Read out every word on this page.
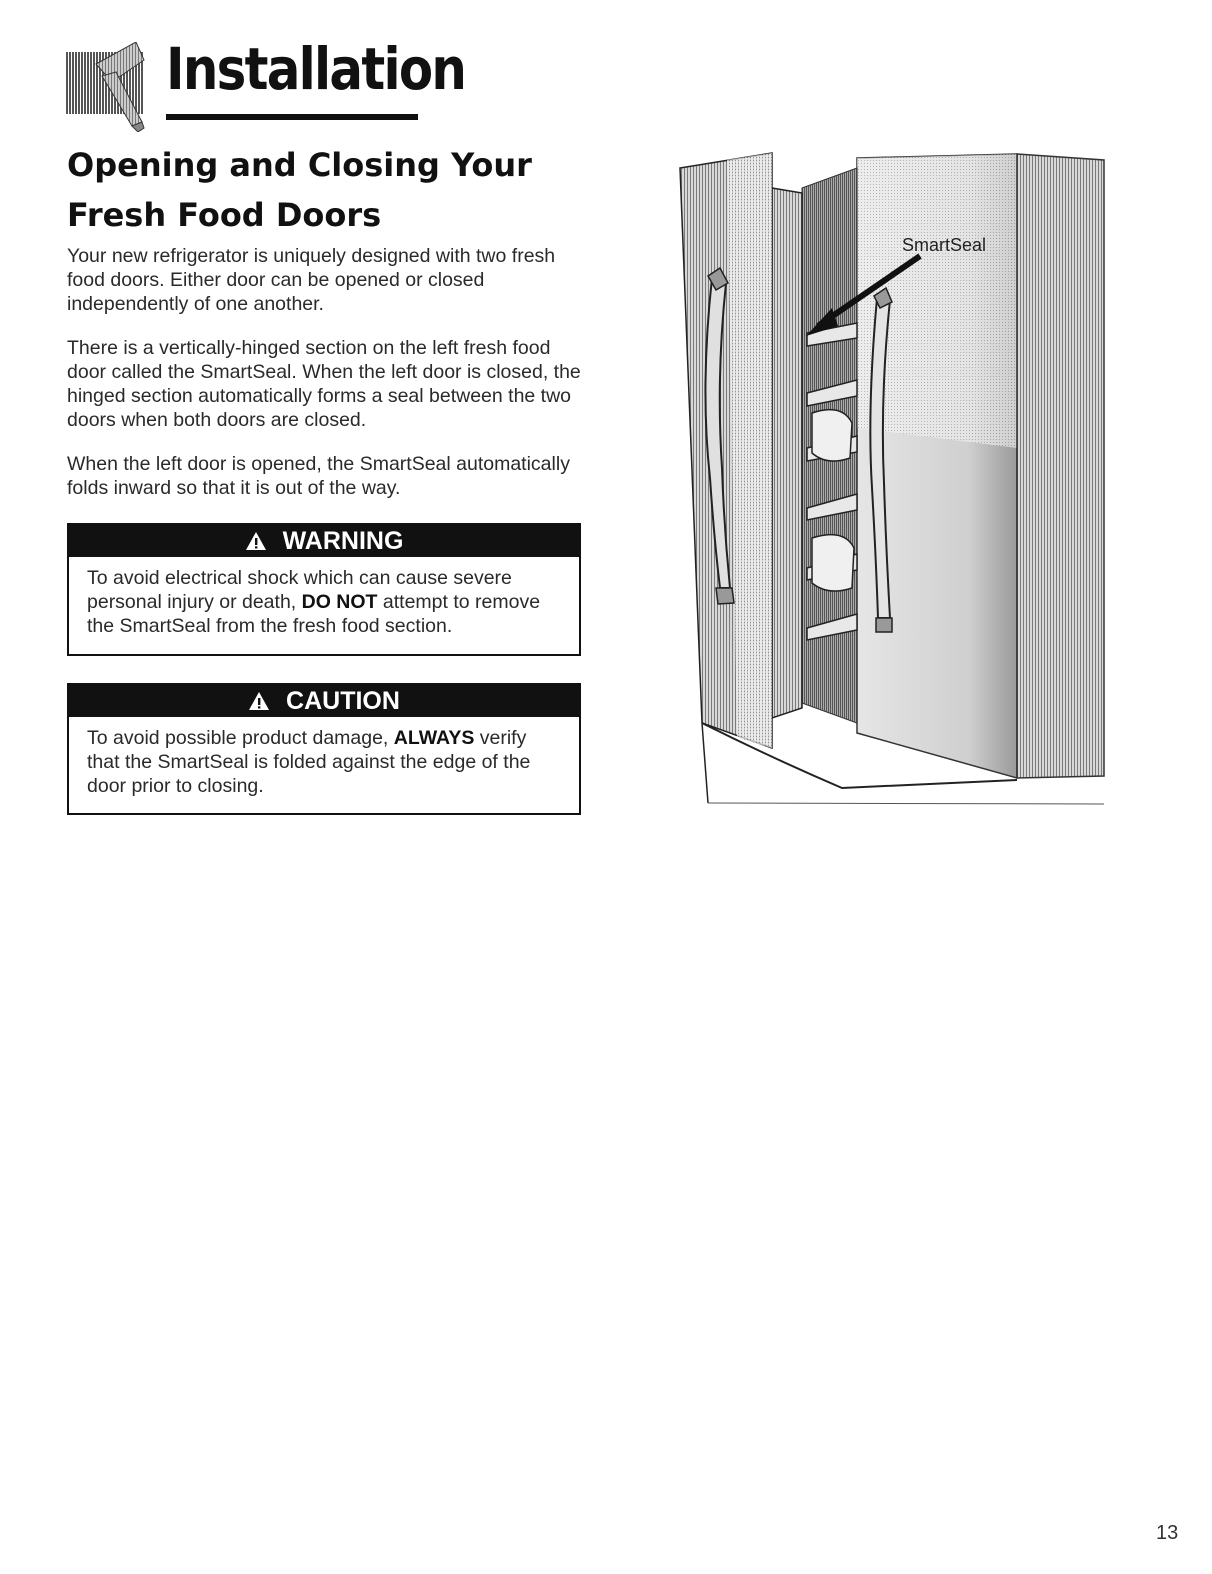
Installation
Opening and Closing Your
Fresh Food Doors
Your new refrigerator is uniquely designed with two fresh food doors. Either door can be opened or closed independently of one another.
There is a vertically-hinged section on the left fresh food door called the SmartSeal. When the left door is closed, the hinged section automatically forms a seal between the two doors when both doors are closed.
When the left door is opened, the SmartSeal automatically folds inward so that it is out of the way.
WARNING
To avoid electrical shock which can cause severe personal injury or death, DO NOT attempt to remove the SmartSeal from the fresh food section.
CAUTION
To avoid possible product damage, ALWAYS verify that the SmartSeal is folded against the edge of the door prior to closing.
SmartSeal
13
